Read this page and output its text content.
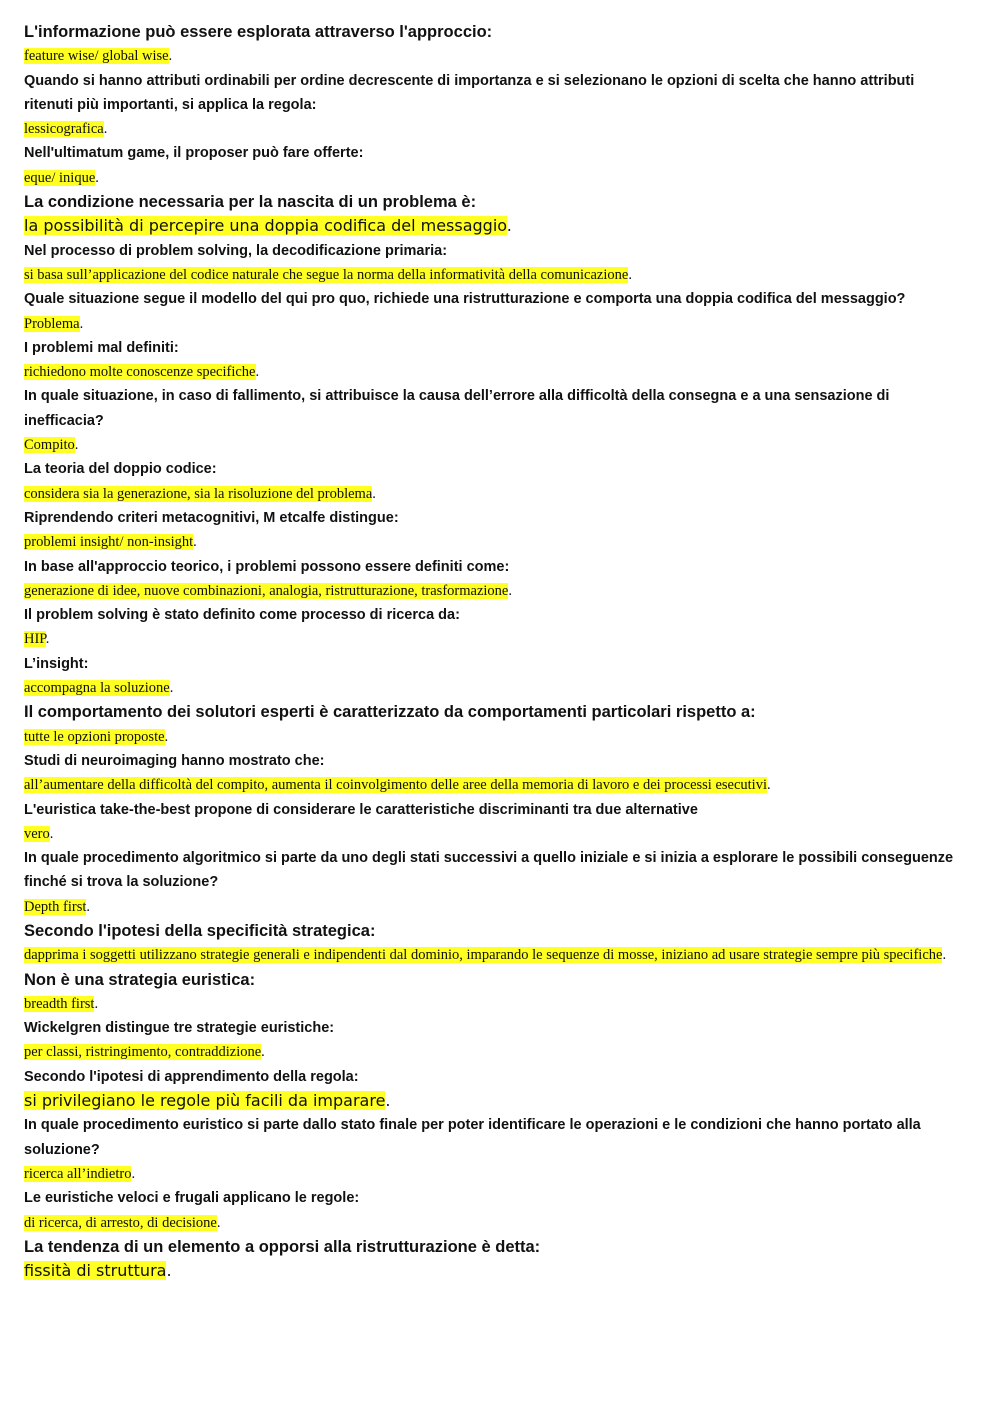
L'informazione può essere esplorata attraverso l'approccio:

feature wise/ global wise.

Quando si hanno attributi ordinabili per ordine decrescente di importanza e si selezionano le opzioni di scelta che hanno attributi ritenuti più importanti, si applica la regola:

lessicografica.

Nell'ultimatum game, il proposer può fare offerte:

eque/ inique.

La condizione necessaria per la nascita di un problema è:

la possibilità di percepire una doppia codifica del messaggio.

Nel processo di problem solving, la decodificazione primaria:

si basa sull’applicazione del codice naturale che segue la norma della informatività della comunicazione.

Quale situazione segue il modello del qui pro quo, richiede una ristrutturazione e comporta una doppia codifica del messaggio?

Problema.

I problemi mal definiti:

richiedono molte conoscenze specifiche.

In quale situazione, in caso di fallimento, si attribuisce la causa dell’errore alla difficoltà della consegna e a una sensazione di inefficacia?

Compito.

La teoria del doppio codice:

considera sia la generazione, sia la risoluzione del problema.

Riprendendo criteri metacognitivi, M etcalfe distingue:

problemi insight/ non-insight.

In base all'approccio teorico, i problemi possono essere definiti come:

generazione di idee, nuove combinazioni, analogia, ristrutturazione, trasformazione.

Il problem solving è stato definito come processo di ricerca da:

HIP.

L’insight:

accompagna la soluzione.

Il comportamento dei solutori esperti è caratterizzato da comportamenti particolari rispetto a:

tutte le opzioni proposte.

Studi di neuroimaging hanno mostrato che:

all’aumentare della difficoltà del compito, aumenta il coinvolgimento delle aree della memoria di lavoro e dei processi esecutivi.

L'euristica take-the-best propone di considerare le caratteristiche discriminanti tra due alternative

vero.

In quale procedimento algoritmico si parte da uno degli stati successivi a quello iniziale e si inizia a esplorare le possibili conseguenze finché si trova la soluzione?

Depth first.

Secondo l'ipotesi della specificità strategica:

dapprima i soggetti utilizzano strategie generali e indipendenti dal dominio, imparando le sequenze di mosse, iniziano ad usare strategie sempre più specifiche.

Non è una strategia euristica:

breadth first.

Wickelgren distingue tre strategie euristiche:

per classi, ristringimento, contraddizione.

Secondo l'ipotesi di apprendimento della regola:

si privilegiano le regole più facili da imparare.

In quale procedimento euristico si parte dallo stato finale per poter identificare le operazioni e le condizioni che hanno portato alla soluzione?

ricerca all’indietro.

Le euristiche veloci e frugali applicano le regole:

di ricerca, di arresto, di decisione.

La tendenza di un elemento a opporsi alla ristrutturazione è detta:

fissità di struttura.
